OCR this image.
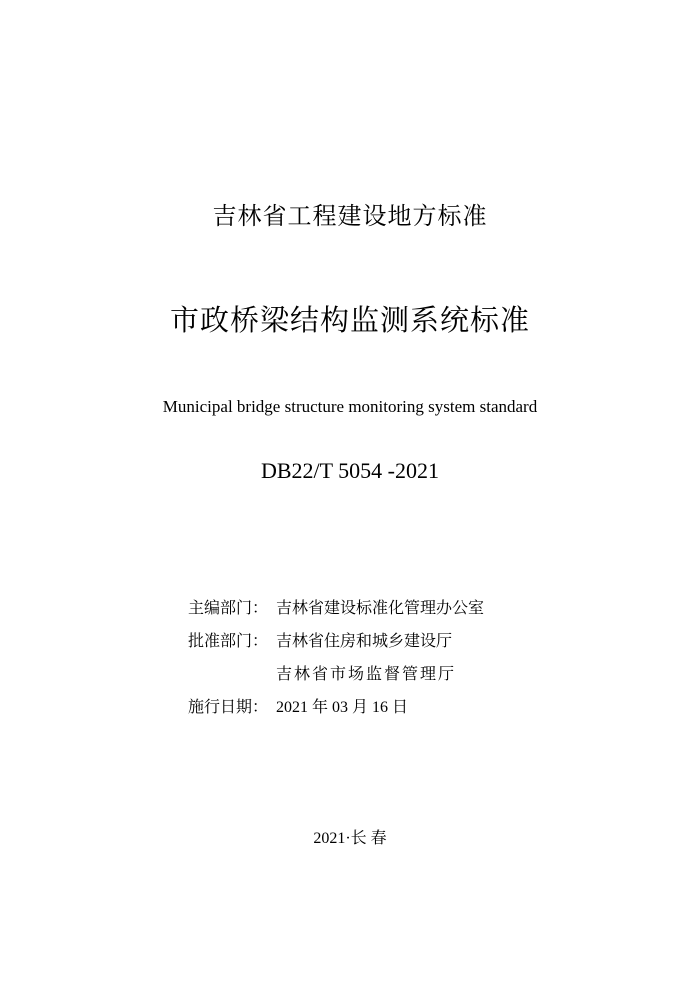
吉林省工程建设地方标准
市政桥梁结构监测系统标准
Municipal bridge structure monitoring system standard
DB22/T 5054 -2021
主编部门： 吉林省建设标准化管理办公室
批准部门： 吉林省住房和城乡建设厅
吉林省市场监督管理厅
施行日期： 2021 年 03 月 16 日
2021·长 春
